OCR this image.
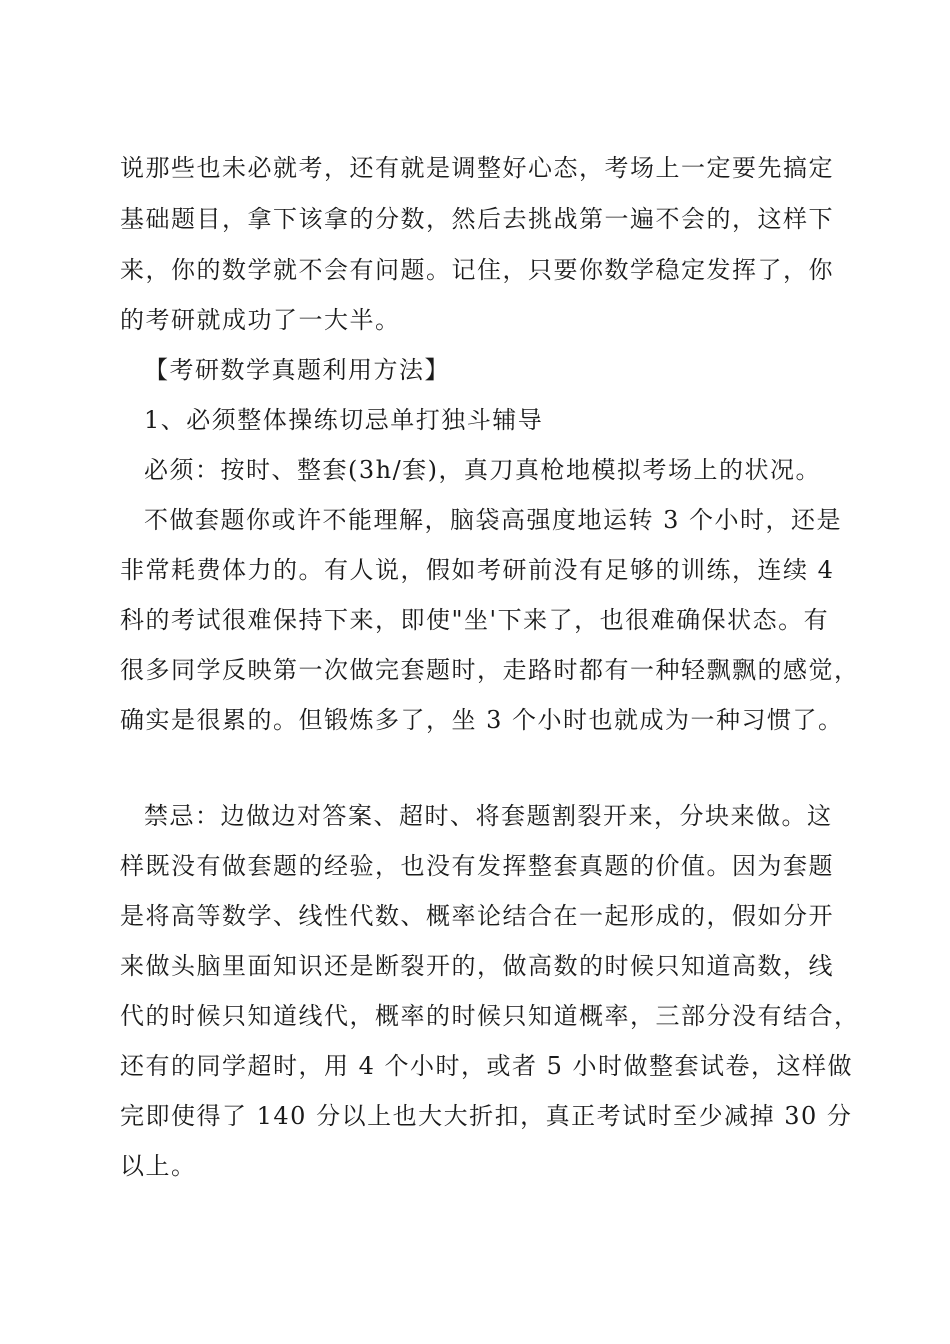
说那些也未必就考，还有就是调整好心态，考场上一定要先搞定

基础题目，拿下该拿的分数，然后去挑战第一遍不会的，这样下

来，你的数学就不会有问题。记住，只要你数学稳定发挥了，你

的考研就成功了一大半。

【考研数学真题利用方法】

1、必须整体操练切忌单打独斗辅导

必须：按时、整套(3h/套)，真刀真枪地模拟考场上的状况。

不做套题你或许不能理解，脑袋高强度地运转 3 个小时，还是

非常耗费体力的。有人说，假如考研前没有足够的训练，连续 4

科的考试很难保持下来，即使"坐'下来了，也很难确保状态。有

很多同学反映第一次做完套题时，走路时都有一种轻飘飘的感觉，

确实是很累的。但锻炼多了，坐 3 个小时也就成为一种习惯了。

禁忌：边做边对答案、超时、将套题割裂开来，分块来做。这

样既没有做套题的经验，也没有发挥整套真题的价值。因为套题

是将高等数学、线性代数、概率论结合在一起形成的，假如分开

来做头脑里面知识还是断裂开的，做高数的时候只知道高数，线

代的时候只知道线代，概率的时候只知道概率，三部分没有结合，

还有的同学超时，用 4 个小时，或者 5 小时做整套试卷，这样做

完即使得了 140 分以上也大大折扣，真正考试时至少减掉 30 分

以上。
